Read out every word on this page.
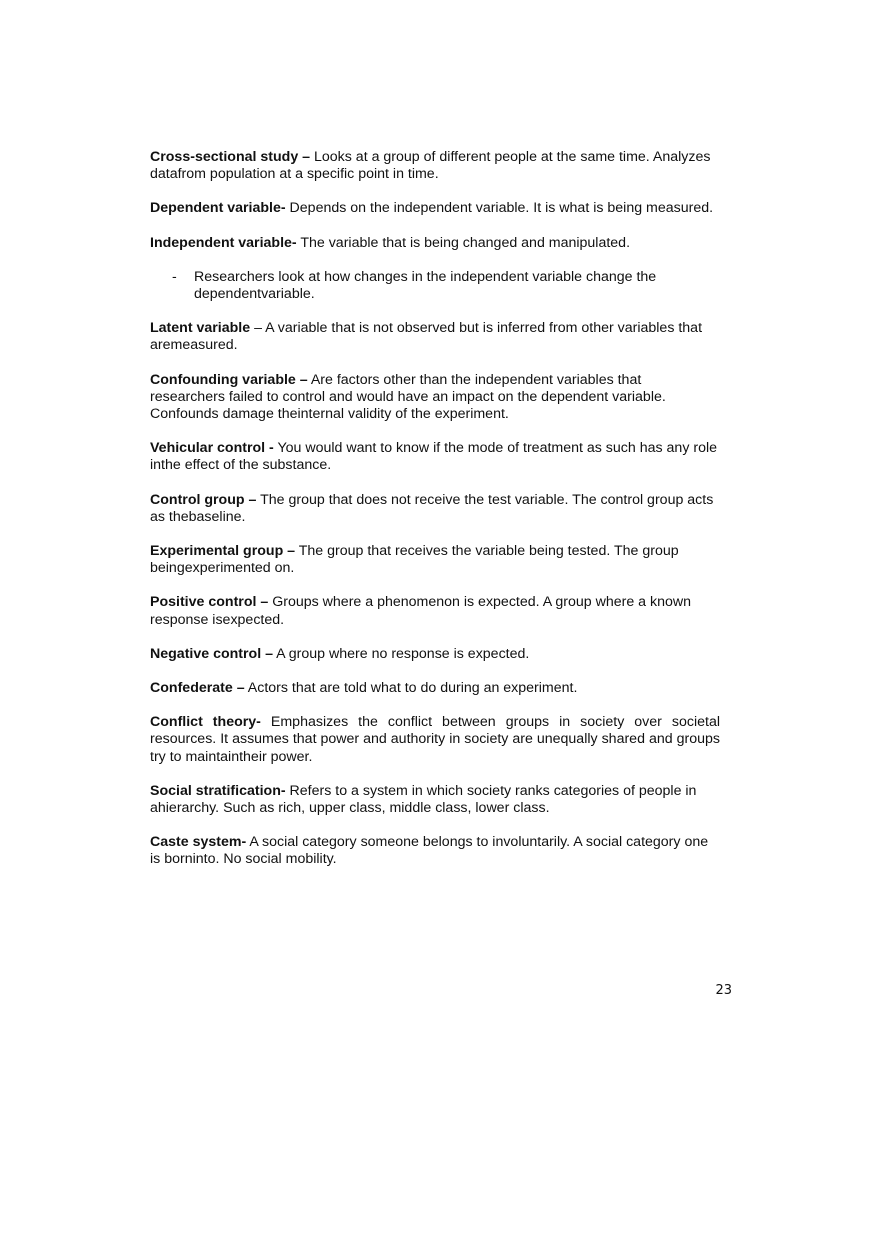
Cross-sectional study – Looks at a group of different people at the same time. Analyzes datafrom population at a specific point in time.

Dependent variable- Depends on the independent variable. It is what is being measured.

Independent variable- The variable that is being changed and manipulated.

- Researchers look at how changes in the independent variable change the dependentvariable.

Latent variable – A variable that is not observed but is inferred from other variables that aremeasured.

Confounding variable – Are factors other than the independent variables that researchers failed to control and would have an impact on the dependent variable. Confounds damage theinternal validity of the experiment.

Vehicular control - You would want to know if the mode of treatment as such has any role inthe effect of the substance.

Control group – The group that does not receive the test variable. The control group acts as thebaseline.

Experimental group – The group that receives the variable being tested. The group beingexperimented on.

Positive control – Groups where a phenomenon is expected. A group where a known response isexpected.

Negative control – A group where no response is expected.

Confederate – Actors that are told what to do during an experiment.

Conflict theory- Emphasizes the conflict between groups in society over societal resources. It assumes that power and authority in society are unequally shared and groups try to maintaintheir power.

Social stratification- Refers to a system in which society ranks categories of people in ahierarchy. Such as rich, upper class, middle class, lower class.

Caste system- A social category someone belongs to involuntarily. A social category one is borninto. No social mobility.

23
